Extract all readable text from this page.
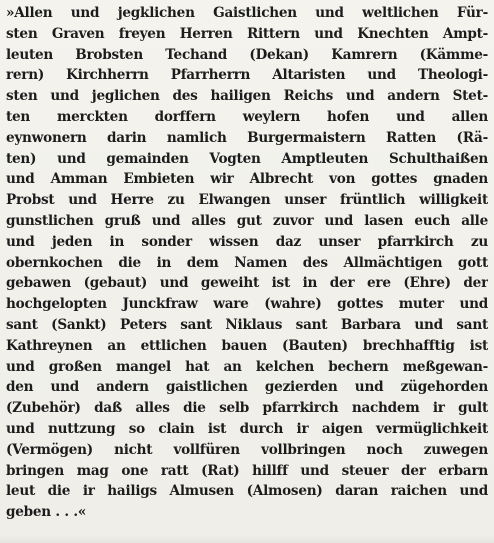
»Allen und jegklichen Gaistlichen und weltlichen Für-
sten Graven freyen Herren Rittern und Knechten Ampt-
leuten Brobsten Techand (Dekan) Kamrern (Kämme-
rern) Kirchherrn Pfarrherrn Altaristen und Theologi-
sten und jeglichen des hailigen Reichs und andern Stet-
ten merckten dorffern weylern hofen und allen
eynwonern darin namlich Burgermaistern Ratten (Rä-
ten) und gemainden Vogten Amptleuten Schulthaißen
und Amman Embieten wir Albrecht von gottes gnaden
Probst und Herre zu Elwangen unser früntlich willigkeit
gunstlichen gruß und alles gut zuvor und lasen euch alle
und jeden in sonder wissen daz unser pfarrkirch zu
obernkochen die in dem Namen des Allmächtigen gott
gebawen (gebaut) und geweiht ist in der ere (Ehre) der
hochgelopten Junckfraw ware (wahre) gottes muter und
sant (Sankt) Peters sant Niklaus sant Barbara und sant
Kathreynen an ettlichen bauen (Bauten) brechhafftig ist
und großen mangel hat an kelchen bechern meßgewan-
den und andern gaistlichen gezierden und zügehorden
(Zubehör) daß alles die selb pfarrkirch nachdem ir gult
und nuttzung so clain ist durch ir aigen vermüglichkeit
(Vermögen) nicht vollfüren vollbringen noch zuwegen
bringen mag one ratt (Rat) hillff und steuer der erbarn
leut die ir hailigs Almusen (Almosen) daran raichen und
geben . . .«
